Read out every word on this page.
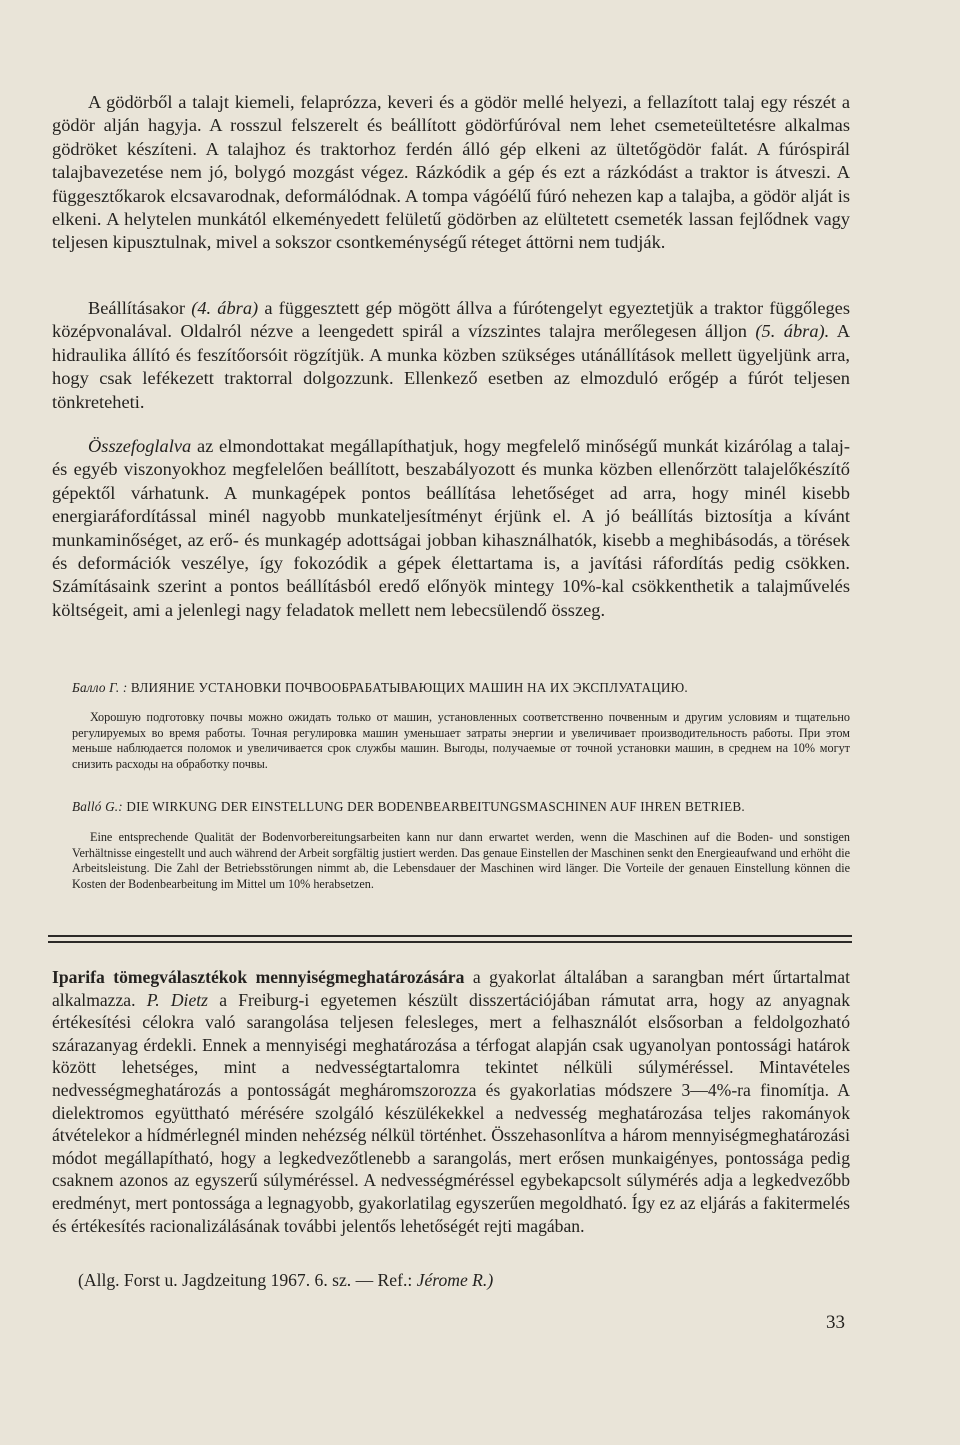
A gödörből a talajt kiemeli, felaprózza, keveri és a gödör mellé helyezi, a fellazított talaj egy részét a gödör alján hagyja. A rosszul felszerelt és beállított gödörfúróval nem lehet csemeteültetésre alkalmas gödröket készíteni. A talajhoz és traktorhoz ferdén álló gép elkeni az ültetőgödör falát. A fúróspirál talajbavezetése nem jó, bolygó mozgást végez. Rázkódik a gép és ezt a rázkódást a traktor is átveszi. A függesztőkarok elcsavarodnak, deformálódnak. A tompa vágóélű fúró nehezen kap a talajba, a gödör alját is elkeni. A helytelen munkától elkeményedett felületű gödörben az elültetett csemeték lassan fejlődnek vagy teljesen kipusztulnak, mivel a sokszor csontkeménységű réteget áttörni nem tudják.

Beállításakor (4. ábra) a függesztett gép mögött állva a fúrótengelyt egyeztetjük a traktor függőleges középvonalával. Oldalról nézve a leengedett spirál a vízszintes talajra merőlegesen álljon (5. ábra). A hidraulika állító és feszítőorsóit rögzítjük. A munka közben szükséges utánállítások mellett ügyeljünk arra, hogy csak lefékezett traktorral dolgozzunk. Ellenkező esetben az elmozduló erőgép a fúrót teljesen tönkreteheti.

Összefoglalva az elmondottakat megállapíthatjuk, hogy megfelelő minőségű munkát kizárólag a talaj- és egyéb viszonyokhoz megfelelően beállított, beszabályozott és munka közben ellenőrzött talajelőkészítő gépektől várhatunk. A munkagépek pontos beállítása lehetőséget ad arra, hogy minél kisebb energiaráfordítással minél nagyobb munkateljesítményt érjünk el. A jó beállítás biztosítja a kívánt munkaminőséget, az erő- és munkagép adottságai jobban kihasználhatók, kisebb a meghibásodás, a törések és deformációk veszélye, így fokozódik a gépek élettartama is, a javítási ráfordítás pedig csökken. Számításaink szerint a pontos beállításból eredő előnyök mintegy 10%-kal csökkenthetik a talajművelés költségeit, ami a jelenlegi nagy feladatok mellett nem lebecsülendő összeg.

Балло Г. : ВЛИЯНИЕ УСТАНОВКИ ПОЧВООБРАБАТЫВАЮЩИХ МАШИН НА ИХ ЭКСПЛУАТАЦИЮ.

Хорошую подготовку почвы можно ожидать только от машин, установленных соответственно почвенным и другим условиям и тщательно регулируемых во время работы. Точная регулировка машин уменьшает затраты энергии и увеличивает производительность работы. При этом меньше наблюдается поломок и увеличивается срок службы машин. Выгоды, получаемые от точной установки машин, в среднем на 10% могут снизить расходы на обработку почвы.

Balló G.: DIE WIRKUNG DER EINSTELLUNG DER BODENBEARBEITUNGSMASCHINEN AUF IHREN BETRIEB.

Eine entsprechende Qualität der Bodenvorbereitungsarbeiten kann nur dann erwartet werden, wenn die Maschinen auf die Boden- und sonstigen Verhältnisse eingestellt und auch während der Arbeit sorgfältig justiert werden. Das genaue Einstellen der Maschinen senkt den Energieaufwand und erhöht die Arbeitsleistung. Die Zahl der Betriebsstörungen nimmt ab, die Lebensdauer der Maschinen wird länger. Die Vorteile der genauen Einstellung können die Kosten der Bodenbearbeitung im Mittel um 10% herabsetzen.

Iparifa tömegválasztékok mennyiségmeghatározására a gyakorlat általában a sarangban mért űrtartalmat alkalmazza. P. Dietz a Freiburg-i egyetemen készült disszertációjában rámutat arra, hogy az anyagnak értékesítési célokra való sarangolása teljesen felesleges, mert a felhasználót elsősorban a feldolgozható szárazanyag érdekli. Ennek a mennyiségi meghatározása a térfogat alapján csak ugyanolyan pontossági határok között lehetséges, mint a nedvességtartalomra tekintet nélküli súlyméréssel. Mintavételes nedvességmeghatározás a pontosságát megháromszorozza és gyakorlatias módszere 3—4%-ra finomítja. A dielektromos együttható mérésére szolgáló készülékekkel a nedvesség meghatározása teljes rakományok átvételekor a hídmérlegnél minden nehézség nélkül történhet. Összehasonlítva a három mennyiségmeghatározási módot megállapítható, hogy a legkedvezőtlenebb a sarangolás, mert erősen munkaigényes, pontossága pedig csaknem azonos az egyszerű súlyméréssel. A nedvességméréssel egybekapcsolt súlymérés adja a legkedvezőbb eredményt, mert pontossága a legnagyobb, gyakorlatilag egyszerűen megoldható. Így ez az eljárás a fakitermelés és értékesítés racionalizálásának további jelentős lehetőségét rejti magában.

(Allg. Forst u. Jagdzeitung 1967. 6. sz. — Ref.: Jérome R.)

33
